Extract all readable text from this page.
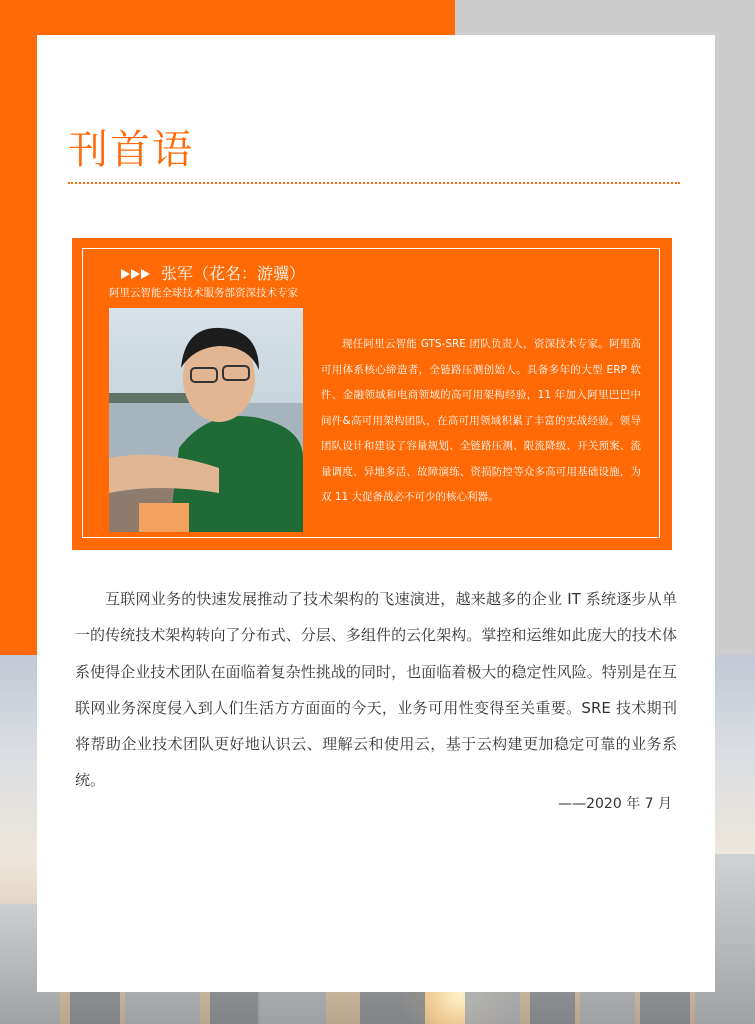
刊首语
张军（花名：游骥）
阿里云智能全球技术服务部资深技术专家

现任阿里云智能 GTS-SRE 团队负责人，资深技术专家。阿里高可用体系核心缔造者，全链路压测创始人。具备多年的大型 ERP 软件、金融领域和电商领域的高可用架构经验，11 年加入阿里巴巴中间件&高可用架构团队，在高可用领域积累了丰富的实战经验。领导团队设计和建设了容量规划、全链路压测、限流降级、开关预案、流量调度、异地多活、故障演练、资损防控等众多高可用基础设施，为双 11 大促备战必不可少的核心利器。

互联网业务的快速发展推动了技术架构的飞速演进，越来越多的企业 IT 系统逐步从单一的传统技术架构转向了分布式、分层、多组件的云化架构。掌控和运维如此庞大的技术体系使得企业技术团队在面临着复杂性挑战的同时，也面临着极大的稳定性风险。特别是在互联网业务深度侵入到人们生活方方面面的今天，业务可用性变得至关重要。SRE 技术期刊将帮助企业技术团队更好地认识云、理解云和使用云，基于云构建更加稳定可靠的业务系统。

——2020 年 7 月
